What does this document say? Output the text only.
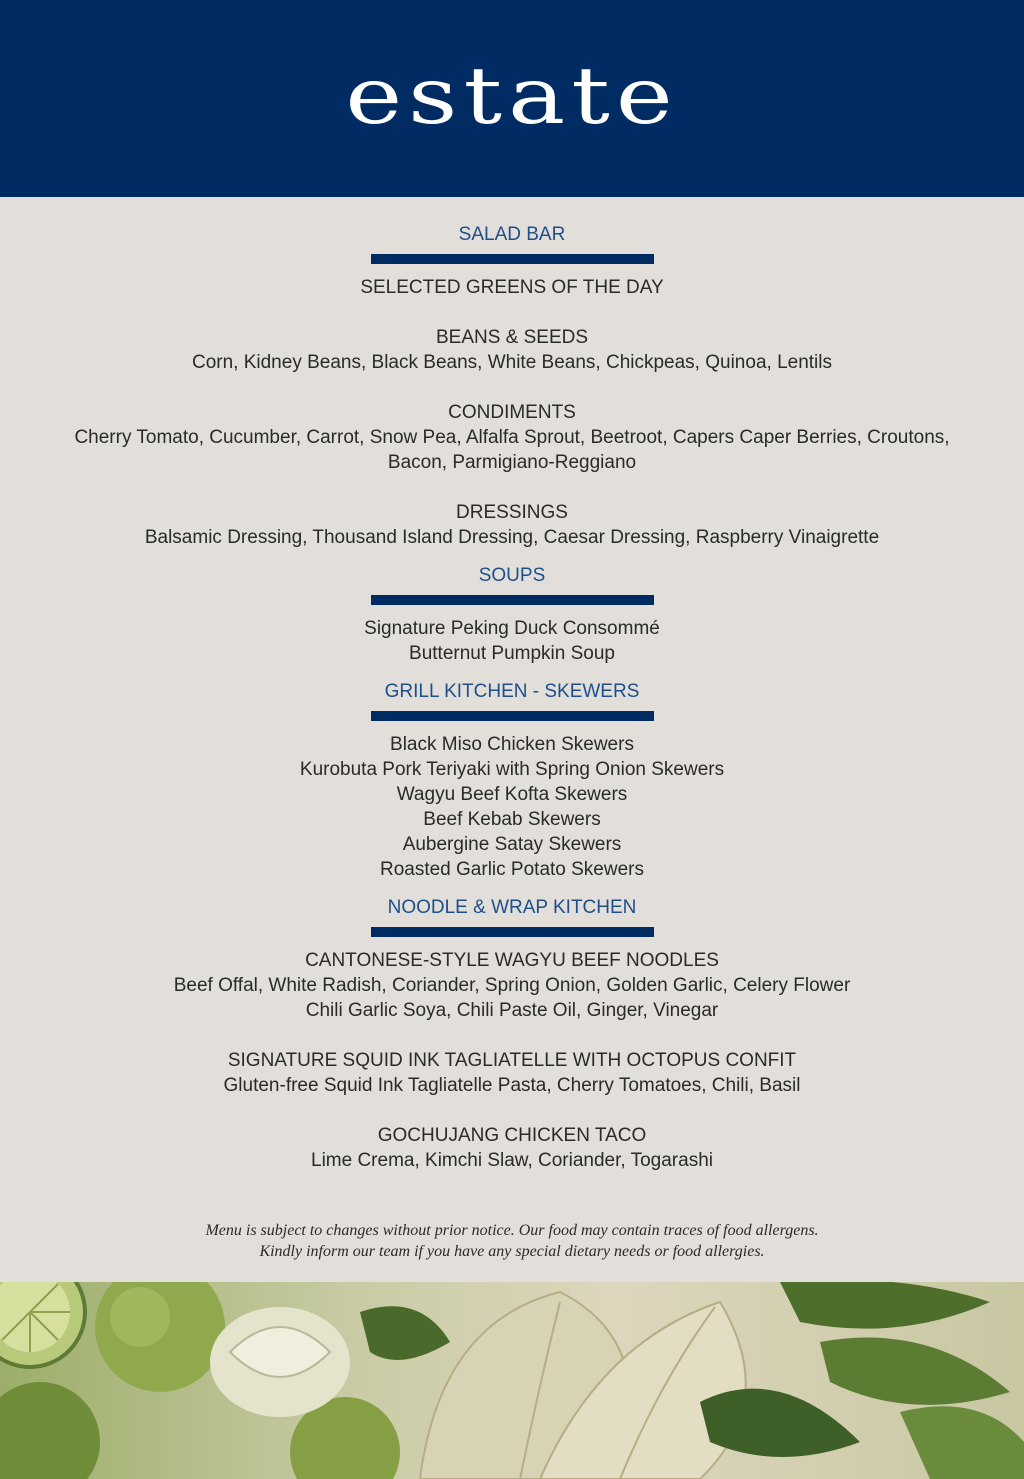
estate
SALAD BAR
SELECTED GREENS OF THE DAY
BEANS & SEEDS
Corn, Kidney Beans, Black Beans, White Beans, Chickpeas, Quinoa, Lentils
CONDIMENTS
Cherry Tomato, Cucumber, Carrot, Snow Pea, Alfalfa Sprout, Beetroot, Capers Caper Berries, Croutons,
Bacon, Parmigiano-Reggiano
DRESSINGS
Balsamic Dressing, Thousand Island Dressing, Caesar Dressing, Raspberry Vinaigrette
SOUPS
Signature Peking Duck Consommé
Butternut Pumpkin Soup
GRILL KITCHEN - SKEWERS
Black Miso Chicken Skewers
Kurobuta Pork Teriyaki with Spring Onion Skewers
Wagyu Beef Kofta Skewers
Beef Kebab Skewers
Aubergine Satay Skewers
Roasted Garlic Potato Skewers
NOODLE & WRAP KITCHEN
CANTONESE-STYLE WAGYU BEEF NOODLES
Beef Offal, White Radish, Coriander, Spring Onion, Golden Garlic, Celery Flower
Chili Garlic Soya, Chili Paste Oil, Ginger, Vinegar
SIGNATURE SQUID INK TAGLIATELLE WITH OCTOPUS CONFIT
Gluten-free Squid Ink Tagliatelle Pasta, Cherry Tomatoes, Chili, Basil
GOCHUJANG CHICKEN TACO
Lime Crema, Kimchi Slaw, Coriander, Togarashi
Menu is subject to changes without prior notice. Our food may contain traces of food allergens.
Kindly inform our team if you have any special dietary needs or food allergies.
